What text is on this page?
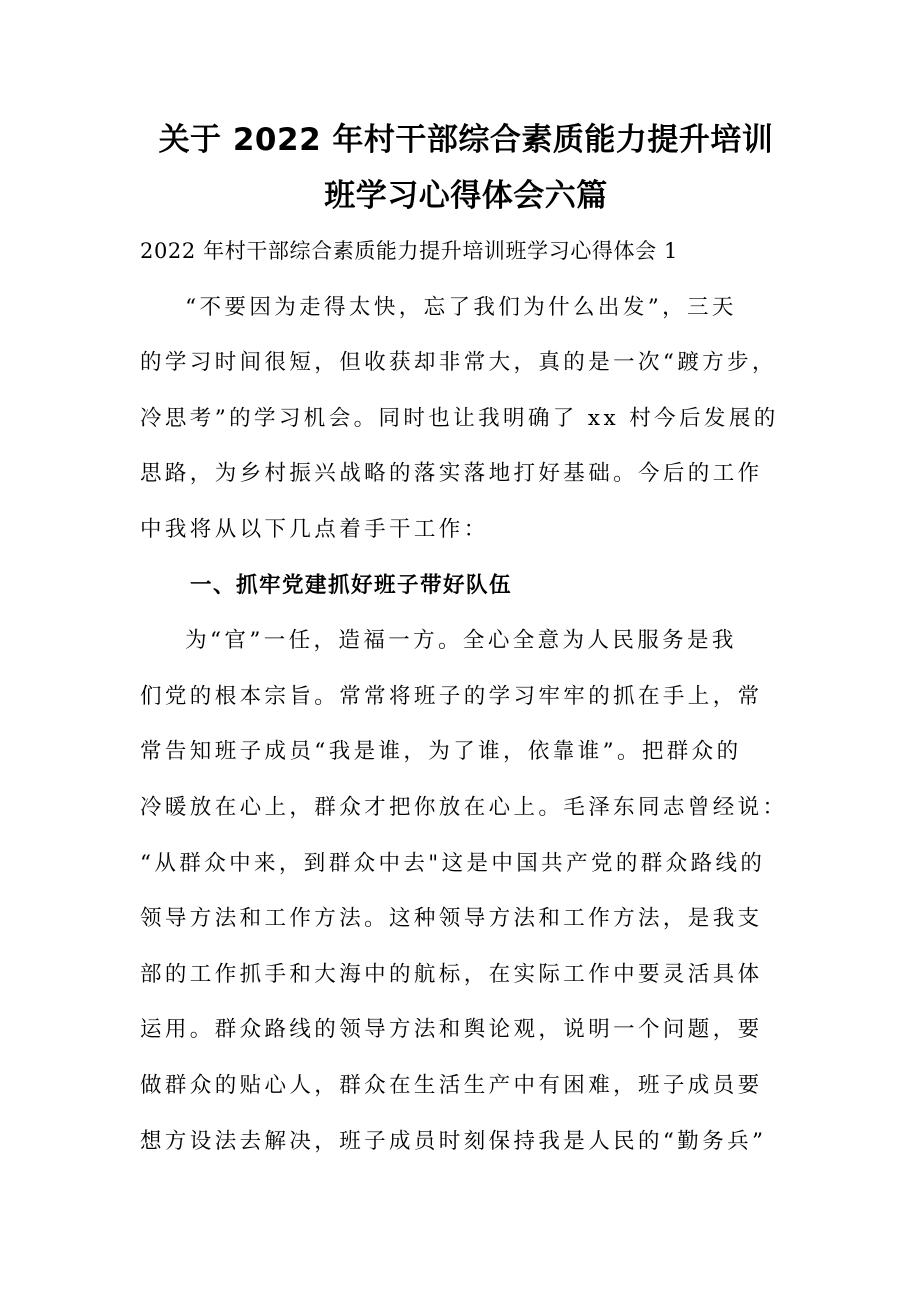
关于 2022 年村干部综合素质能力提升培训
班学习心得体会六篇

2022 年村干部综合素质能力提升培训班学习心得体会 1

“不要因为走得太快，忘了我们为什么出发”，三天
的学习时间很短，但收获却非常大，真的是一次“踱方步，
冷思考”的学习机会。同时也让我明确了 xx 村今后发展的
思路，为乡村振兴战略的落实落地打好基础。今后的工作
中我将从以下几点着手干工作：
一、抓牢党建抓好班子带好队伍
为“官”一任，造福一方。全心全意为人民服务是我
们党的根本宗旨。常常将班子的学习牢牢的抓在手上，常
常告知班子成员“我是谁，为了谁，依靠谁”。把群众的
冷暖放在心上，群众才把你放在心上。毛泽东同志曾经说：
“从群众中来，到群众中去"这是中国共产党的群众路线的
领导方法和工作方法。这种领导方法和工作方法，是我支
部的工作抓手和大海中的航标，在实际工作中要灵活具体
运用。群众路线的领导方法和舆论观，说明一个问题，要
做群众的贴心人，群众在生活生产中有困难，班子成员要
想方设法去解决，班子成员时刻保持我是人民的“勤务兵”
